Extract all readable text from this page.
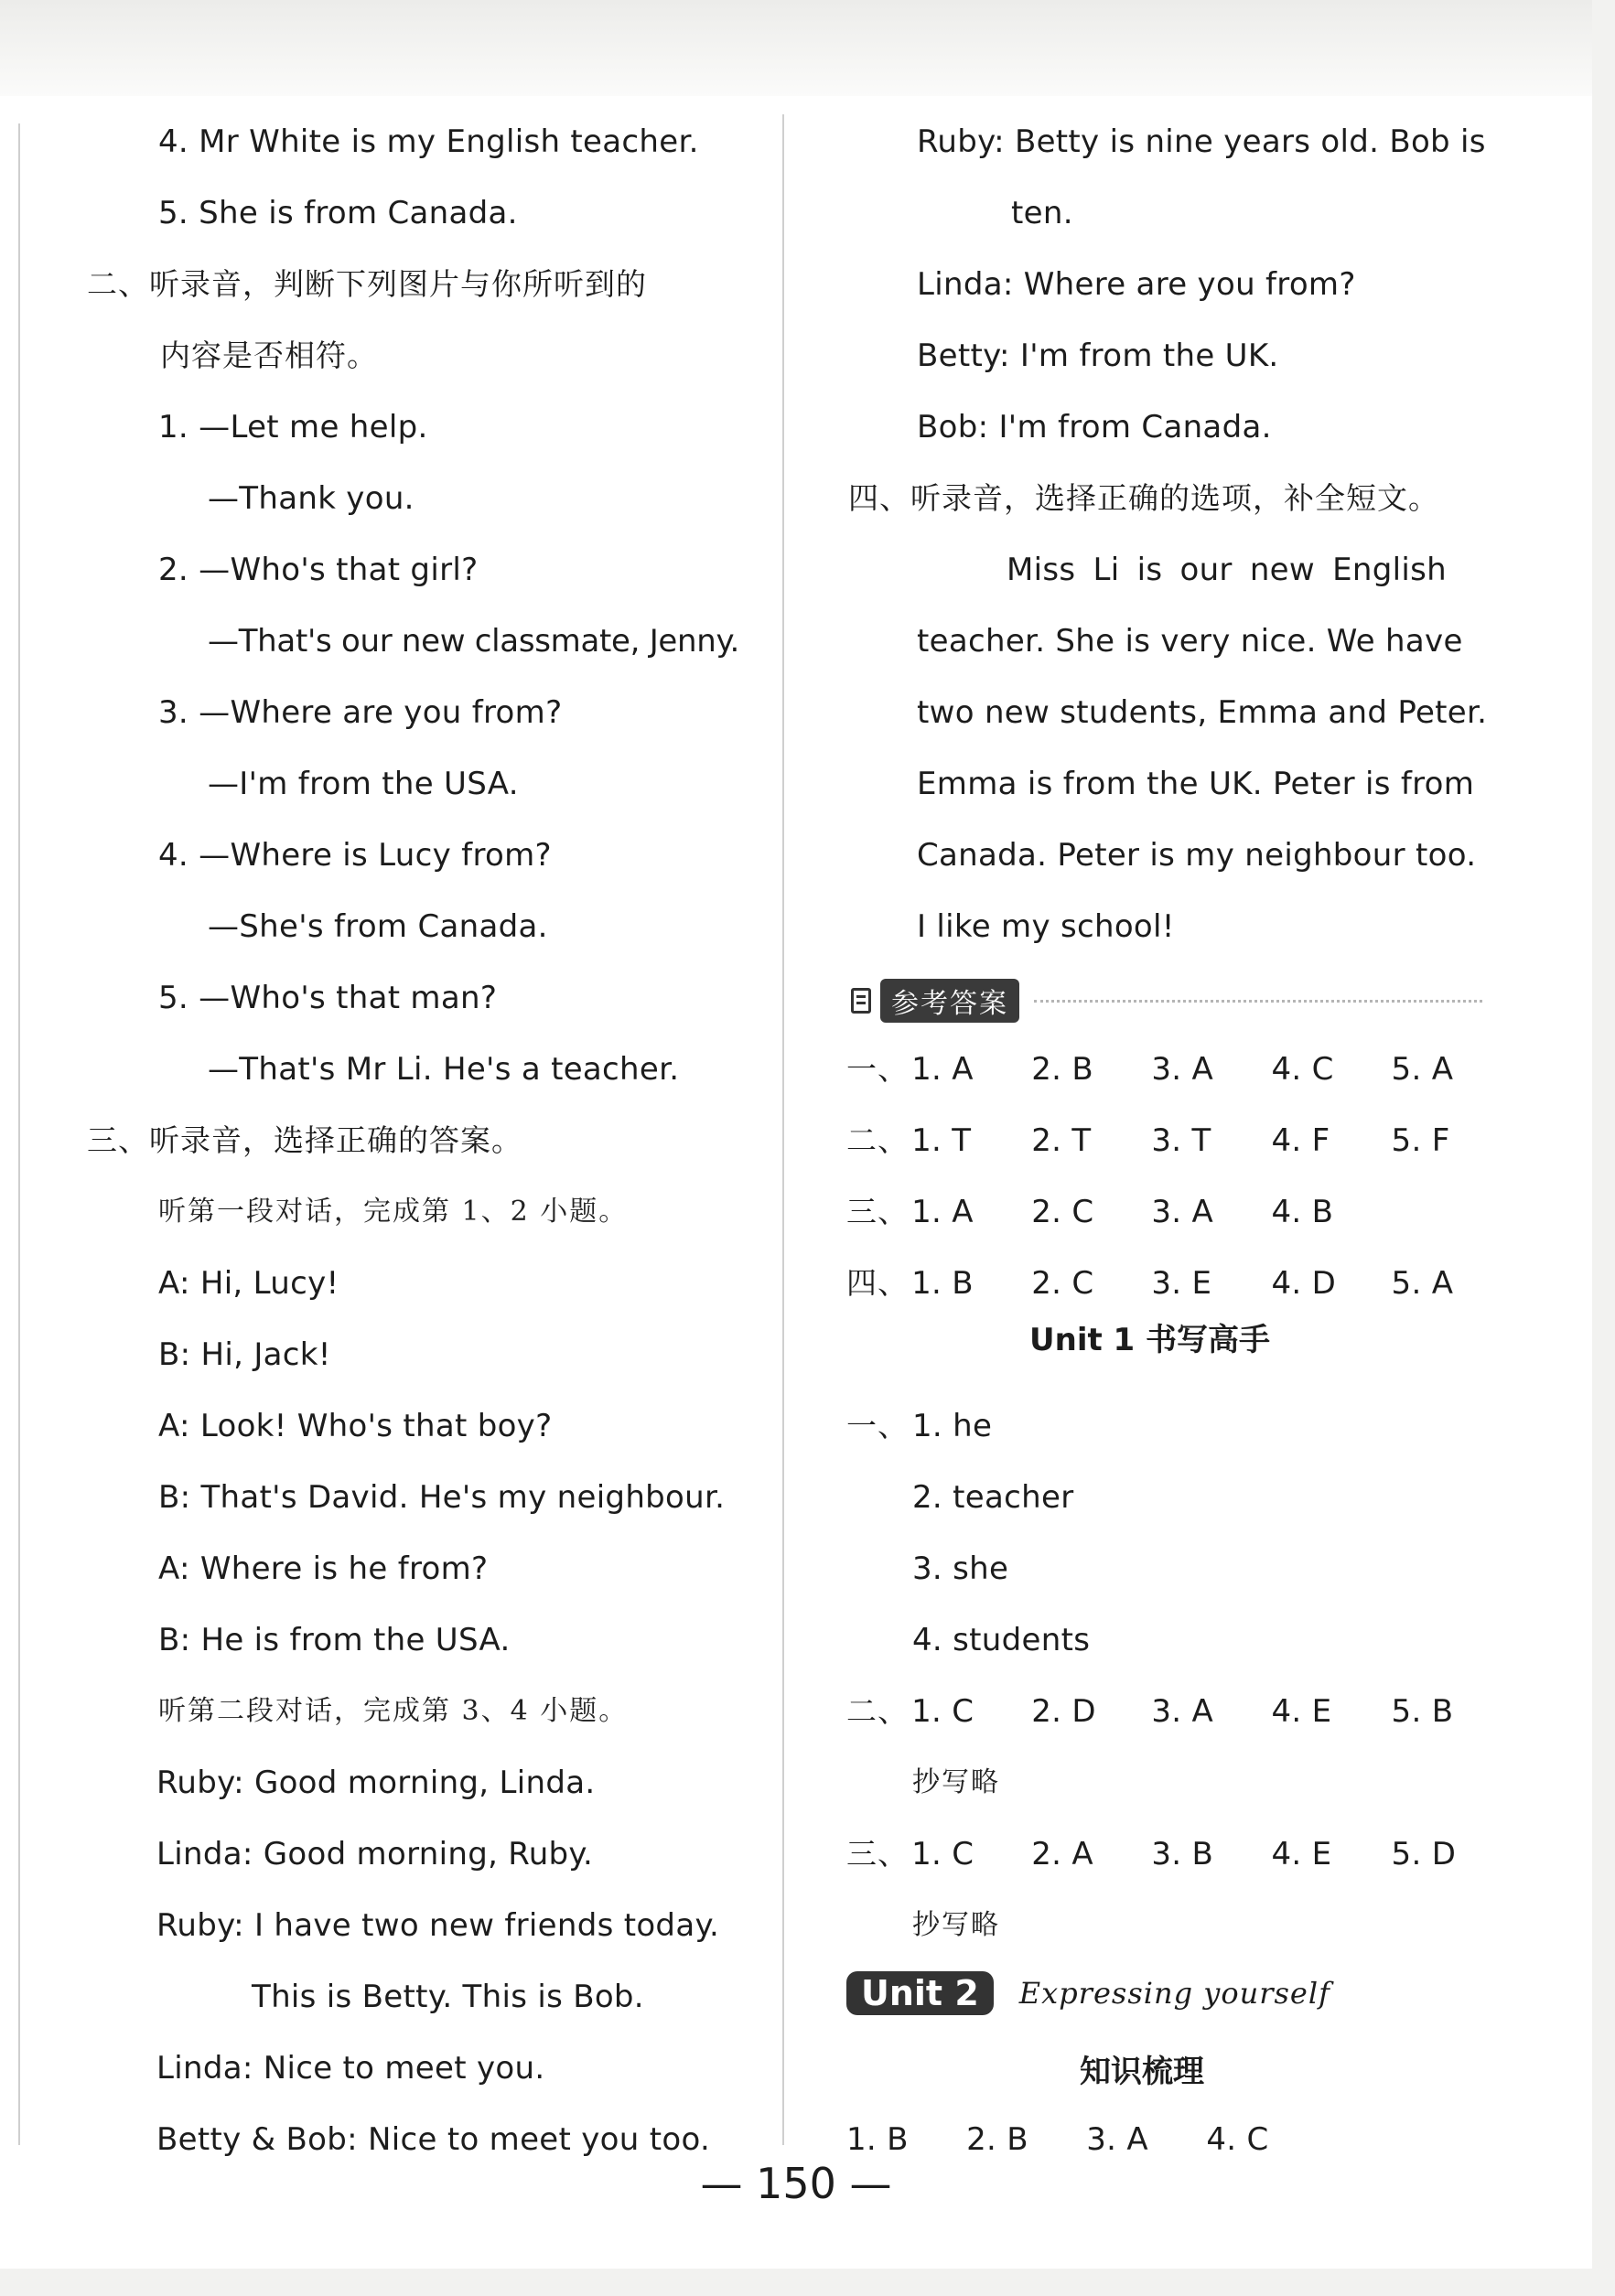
4. Mr White is my English teacher.
5. She is from Canada.
二、听录音，判断下列图片与你所听到的
内容是否相符。
1. —Let me help.
—Thank you.
2. —Who's that girl?
—That's our new classmate, Jenny.
3. —Where are you from?
—I'm from the USA.
4. —Where is Lucy from?
—She's from Canada.
5. —Who's that man?
—That's Mr Li. He's a teacher.
三、听录音，选择正确的答案。
听第一段对话，完成第 1、2 小题。
A: Hi, Lucy!
B: Hi, Jack!
A: Look! Who's that boy?
B: That's David. He's my neighbour.
A: Where is he from?
B: He is from the USA.
听第二段对话，完成第 3、4 小题。
Ruby: Good morning, Linda.
Linda: Good morning, Ruby.
Ruby: I have two new friends today.
This is Betty. This is Bob.
Linda: Nice to meet you.
Betty & Bob: Nice to meet you too.
Ruby: Betty is nine years old. Bob is
ten.
Linda: Where are you from?
Betty: I'm from the UK.
Bob: I'm from Canada.
四、听录音，选择正确的选项，补全短文。
Miss Li is our new English
teacher. She is very nice. We have
two new students, Emma and Peter.
Emma is from the UK. Peter is from
Canada. Peter is my neighbour too.
I like my school!
参考答案
一、 1. A 2. B 3. A 4. C 5. A
二、 1. T 2. T 3. T 4. F 5. F
三、 1. A 2. C 3. A 4. B
四、 1. B 2. C 3. E 4. D 5. A
Unit 1 书写高手
一、 1. he
2. teacher
3. she
4. students
二、 1. C 2. D 3. A 4. E 5. B
抄写略
三、 1. C 2. A 3. B 4. E 5. D
抄写略
Unit 2	Expressing yourself
知识梳理
1. B 2. B 3. A 4. C
— 150 —
